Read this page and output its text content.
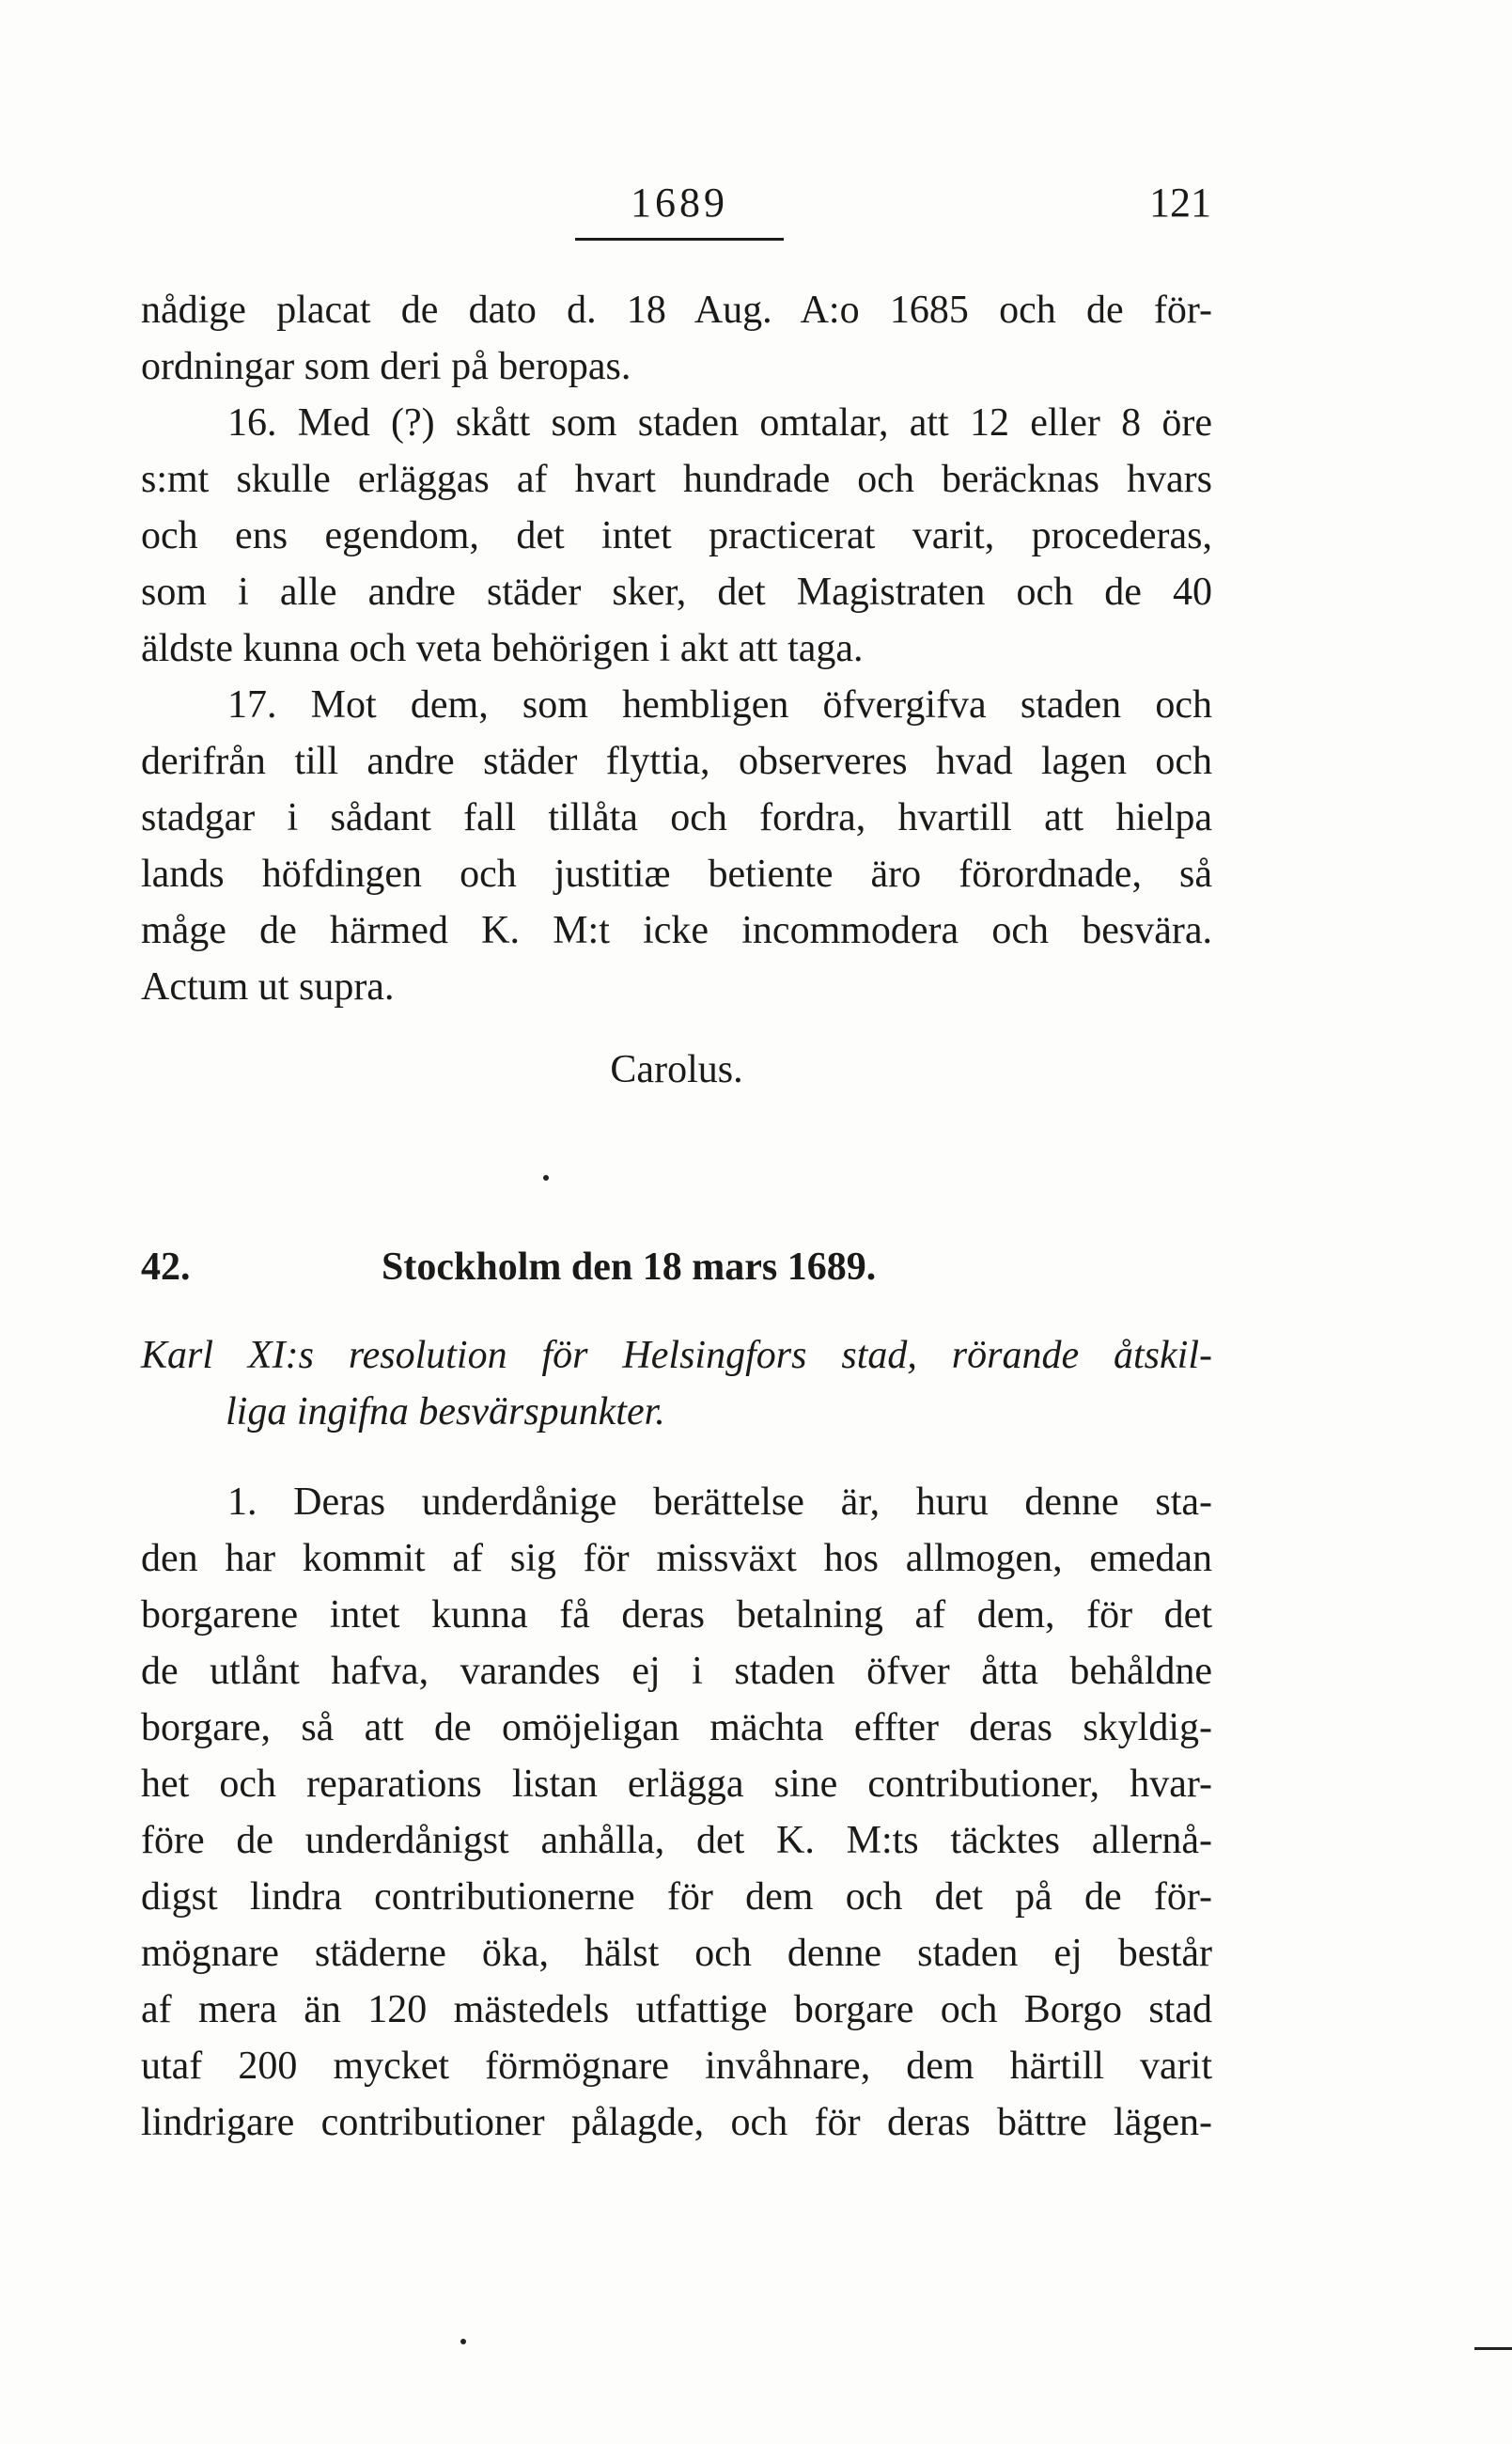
1689	121
nådige placat de dato d. 18 Aug. A:o 1685 och de för-
ordningar som deri på beropas.
16. Med (?) skått som staden omtalar, att 12 eller 8 öre
s:mt skulle erläggas af hvart hundrade och beräcknas hvars
och ens egendom, det intet practicerat varit, procederas,
som i alle andre städer sker, det Magistraten och de 40
äldste kunna och veta behörigen i akt att taga.
17. Mot dem, som hembligen öfvergifva staden och
derifrån till andre städer flyttia, observeres hvad lagen och
stadgar i sådant fall tillåta och fordra, hvartill att hielpa
lands höfdingen och justitiæ betiente äro förordnade, så
måge de härmed K. M:t icke incommodera och besvära.
Actum ut supra.
Carolus.
42.	Stockholm den 18 mars 1689.
Karl XI:s resolution för Helsingfors stad, rörande åtskil-
liga ingifna besvärspunkter.
1. Deras underdånige berättelse är, huru denne sta-
den har kommit af sig för missväxt hos allmogen, emedan
borgarene intet kunna få deras betalning af dem, för det
de utlånt hafva, varandes ej i staden öfver åtta behåldne
borgare, så att de omöjeligan mächta effter deras skyldig-
het och reparations listan erlägga sine contributioner, hvar-
före de underdånigst anhålla, det K. M:ts täcktes allernå-
digst lindra contributionerne för dem och det på de för-
mögnare städerne öka, hälst och denne staden ej består
af mera än 120 mästedels utfattige borgare och Borgo stad
utaf 200 mycket förmögnare invåhnare, dem härtill varit
lindrigare contributioner pålagde, och för deras bättre lägen-
